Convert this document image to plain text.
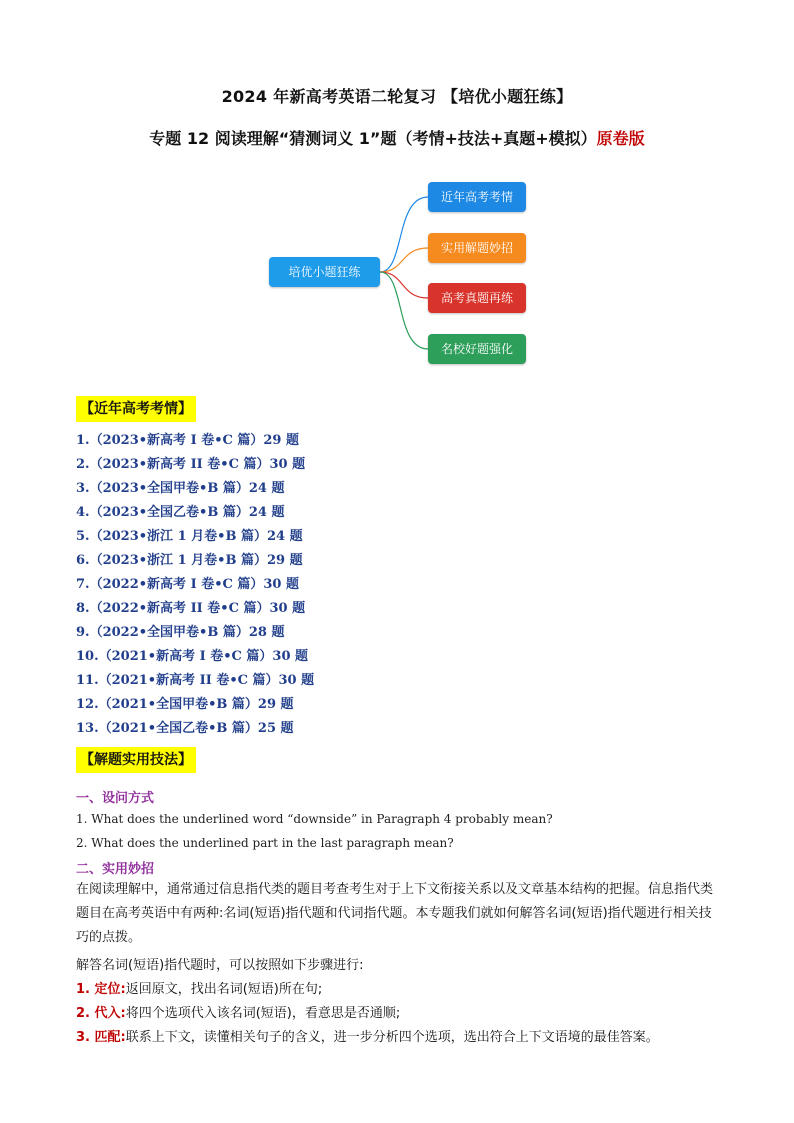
2024 年新高考英语二轮复习 【培优小题狂练】
专题 12 阅读理解“猜测词义 1”题（考情+技法+真题+模拟）原卷版
培优小题狂练
近年高考考情
实用解题妙招
高考真题再练
名校好题强化
【近年高考考情】
1.（2023•新高考 I 卷•C 篇）29 题
2.（2023•新高考 II 卷•C 篇）30 题
3.（2023•全国甲卷•B 篇）24 题
4.（2023•全国乙卷•B 篇）24 题
5.（2023•浙江 1 月卷•B 篇）24 题
6.（2023•浙江 1 月卷•B 篇）29 题
7.（2022•新高考 I 卷•C 篇）30 题
8.（2022•新高考 II 卷•C 篇）30 题
9.（2022•全国甲卷•B 篇）28 题
10.（2021•新高考 I 卷•C 篇）30 题
11.（2021•新高考 II 卷•C 篇）30 题
12.（2021•全国甲卷•B 篇）29 题
13.（2021•全国乙卷•B 篇）25 题
【解题实用技法】
一、设问方式
1. What does the underlined word “downside” in Paragraph 4 probably mean?
2. What does the underlined part in the last paragraph mean?
二、实用妙招

在阅读理解中，通常通过信息指代类的题目考查考生对于上下文衔接关系以及文章基本结构的把握。信息指代类题目在高考英语中有两种:名词(短语)指代题和代词指代题。本专题我们就如何解答名词(短语)指代题进行相关技巧的点拨。

解答名词(短语)指代题时，可以按照如下步骤进行:
1. 定位:返回原文，找出名词(短语)所在句;
2. 代入:将四个选项代入该名词(短语)，看意思是否通顺;
3. 匹配:联系上下文，读懂相关句子的含义，进一步分析四个选项，选出符合上下文语境的最佳答案。
